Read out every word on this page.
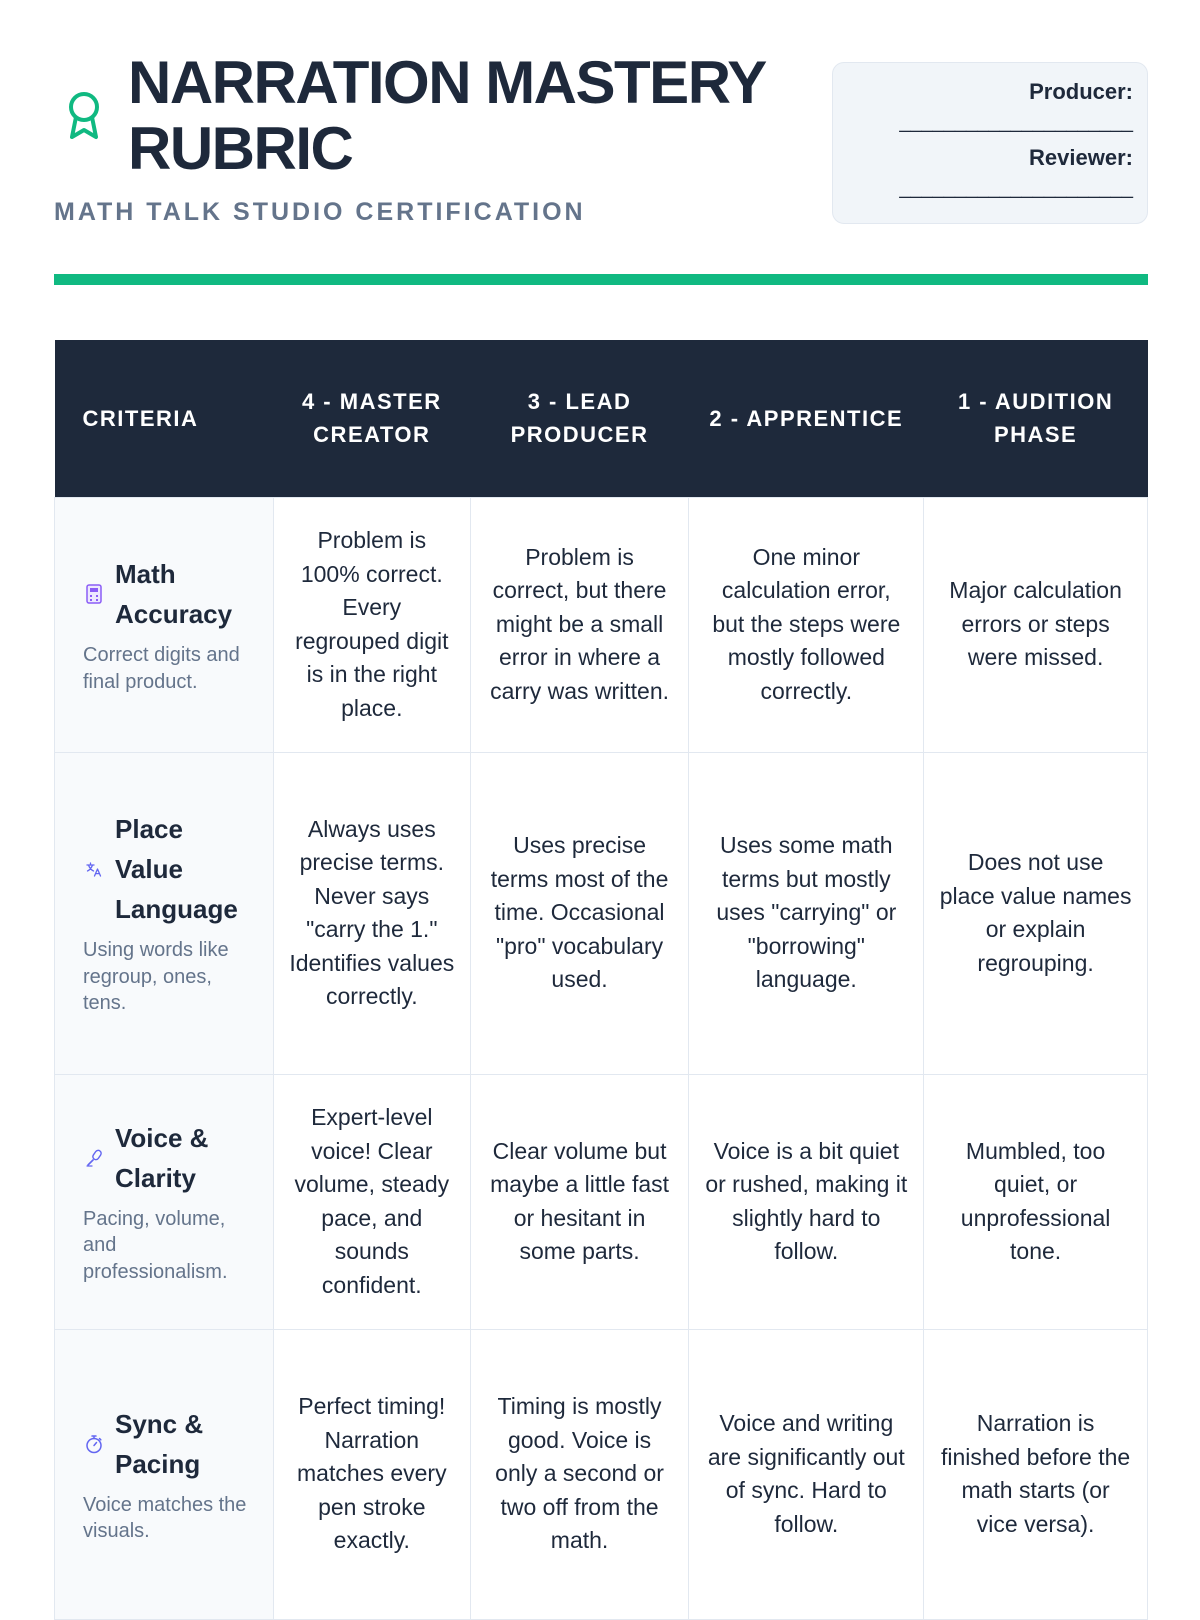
NARRATION MASTERY RUBRIC
MATH TALK STUDIO CERTIFICATION
Producer:
_____________________
Reviewer:
_____________________
CRITERIA	4 - MASTER CREATOR	3 - LEAD PRODUCER	2 - APPRENTICE	1 - AUDITION PHASE

Math Accuracy
Correct digits and final product.	Problem is 100% correct. Every regrouped digit is in the right place.	Problem is correct, but there might be a small error in where a carry was written.	One minor calculation error, but the steps were mostly followed correctly.	Major calculation errors or steps were missed.

Place Value Language
Using words like regroup, ones, tens.	Always uses precise terms. Never says "carry the 1." Identifies values correctly.	Uses precise terms most of the time. Occasional "pro" vocabulary used.	Uses some math terms but mostly uses "carrying" or "borrowing" language.	Does not use place value names or explain regrouping.

Voice & Clarity
Pacing, volume, and professionalism.	Expert-level voice! Clear volume, steady pace, and sounds confident.	Clear volume but maybe a little fast or hesitant in some parts.	Voice is a bit quiet or rushed, making it slightly hard to follow.	Mumbled, too quiet, or unprofessional tone.

Sync & Pacing
Voice matches the visuals.	Perfect timing! Narration matches every pen stroke exactly.	Timing is mostly good. Voice is only a second or two off from the math.	Voice and writing are significantly out of sync. Hard to follow.	Narration is finished before the math starts (or vice versa).
